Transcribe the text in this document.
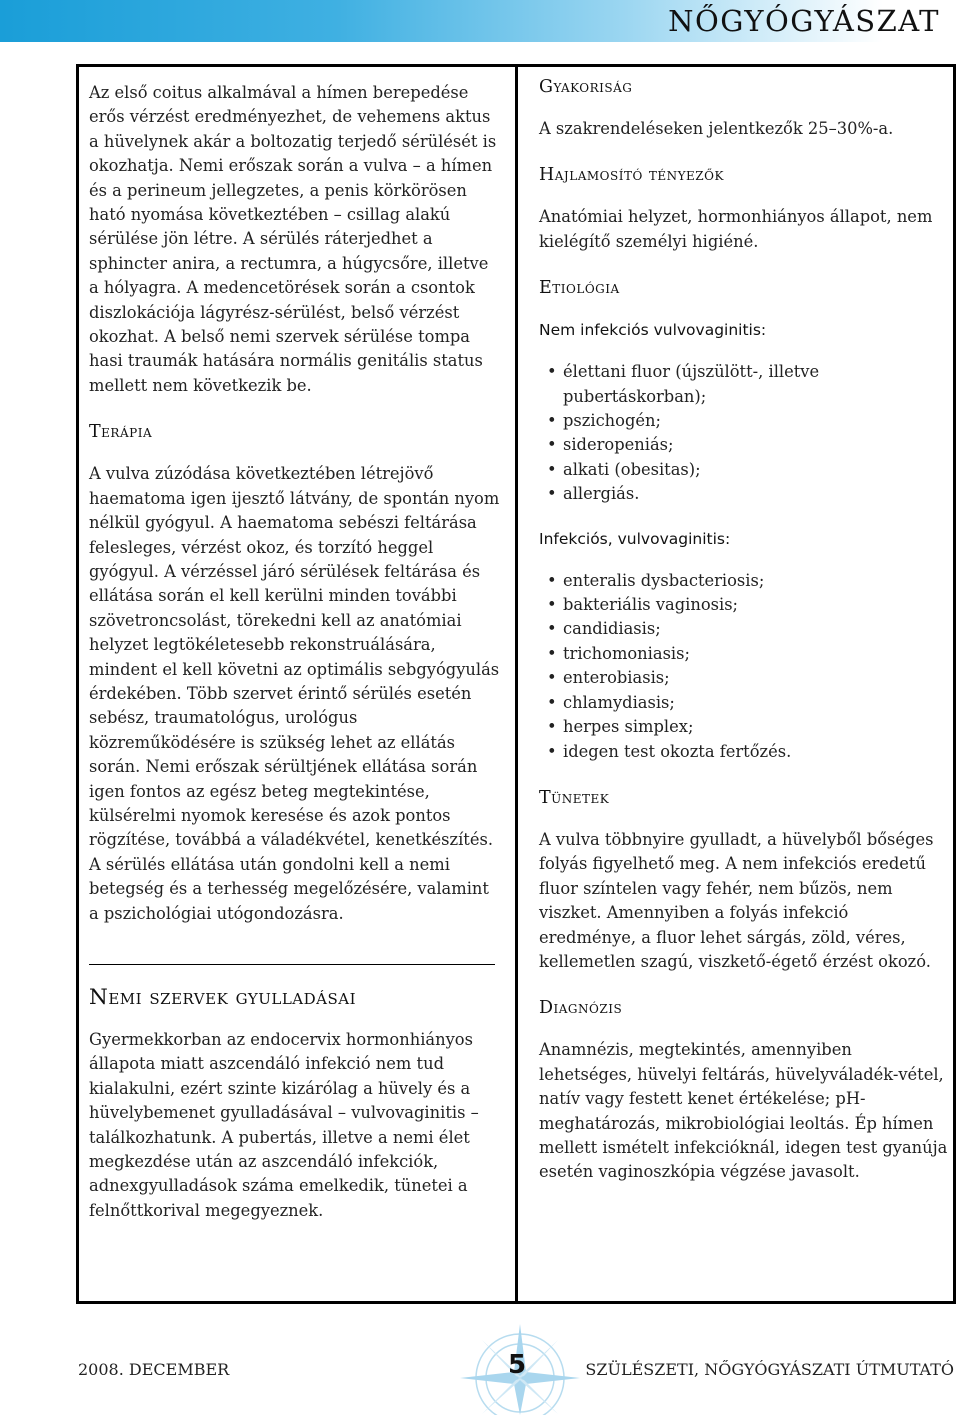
NŐGYÓGYÁSZAT

Az első coitus alkalmával a hímen berepedése erős vérzést eredményezhet, de vehemens aktus a hüvelynek akár a boltozatig terjedő sérülését is okozhatja. Nemi erőszak során a vulva – a hímen és a perineum jellegzetes, a penis körkörösen ható nyomása következtében – csillag alakú sérülése jön létre. A sérülés ráterjedhet a sphincter anira, a rectumra, a húgycsőre, illetve a hólyagra. A medencetörések során a csontok diszlokációja lágyrész-sérülést, belső vérzést okozhat. A belső nemi szervek sérülése tompa hasi traumák hatására normális genitális status mellett nem következik be.

Terápia

A vulva zúzódása következtében létrejövő haematoma igen ijesztő látvány, de spontán nyom nélkül gyógyul. A haematoma sebészi feltárása felesleges, vérzést okoz, és torzító heggel gyógyul. A vérzéssel járó sérülések feltárása és ellátása során el kell kerülni minden további szövetroncsolást, törekedni kell az anatómiai helyzet legtökéletesebb rekonstruálására, mindent el kell követni az optimális sebgyógyulás érdekében. Több szervet érintő sérülés esetén sebész, traumatológus, urológus közreműködésére is szükség lehet az ellátás során. Nemi erőszak sérültjének ellátása során igen fontos az egész beteg megtekintése, külsérelmi nyomok keresése és azok pontos rögzítése, továbbá a váladékvétel, kenetkészítés. A sérülés ellátása után gondolni kell a nemi betegség és a terhesség megelőzésére, valamint a pszichológiai utógondozásra.

Nemi szervek gyulladásai

Gyermekkorban az endocervix hormonhiányos állapota miatt aszcendáló infekció nem tud kialakulni, ezért szinte kizárólag a hüvely és a hüvelybemenet gyulladásával – vulvovaginitis – találkozhatunk. A pubertás, illetve a nemi élet megkezdése után az aszcendáló infekciók, adnexgyulladások száma emelkedik, tünetei a felnőttkorival megegyeznek.

Gyakoriság

A szakrendeléseken jelentkezők 25–30%-a.

Hajlamosító tényezők

Anatómiai helyzet, hormonhiányos állapot, nem kielégítő személyi higiéné.

Etiológia
Nem infekciós vulvovaginitis:
• élettani fluor (újszülött-, illetve pubertáskorban);
• pszichogén;
• sideropeniás;
• alkati (obesitas);
• allergiás.
Infekciós, vulvovaginitis:
• enteralis dysbacteriosis;
• bakteriális vaginosis;
• candidiasis;
• trichomoniasis;
• enterobiasis;
• chlamydiasis;
• herpes simplex;
• idegen test okozta fertőzés.
Tünetek

A vulva többnyire gyulladt, a hüvelyből bőséges folyás figyelhető meg. A nem infekciós eredetű fluor színtelen vagy fehér, nem bűzös, nem viszket. Amennyiben a folyás infekció eredménye, a fluor lehet sárgás, zöld, véres, kellemetlen szagú, viszkető-égető érzést okozó.

Diagnózis

Anamnézis, megtekintés, amennyiben lehetséges, hüvelyi feltárás, hüvelyváladék-vétel, natív vagy festett kenet értékelése; pH-meghatározás, mikrobiológiai leoltás. Ép hímen mellett ismételt infekcióknál, idegen test gyanúja esetén vaginoszkópia végzése javasolt.

2008. DECEMBER	5	SZÜLÉSZETI, NŐGYÓGYÁSZATI ÚTMUTATÓ
